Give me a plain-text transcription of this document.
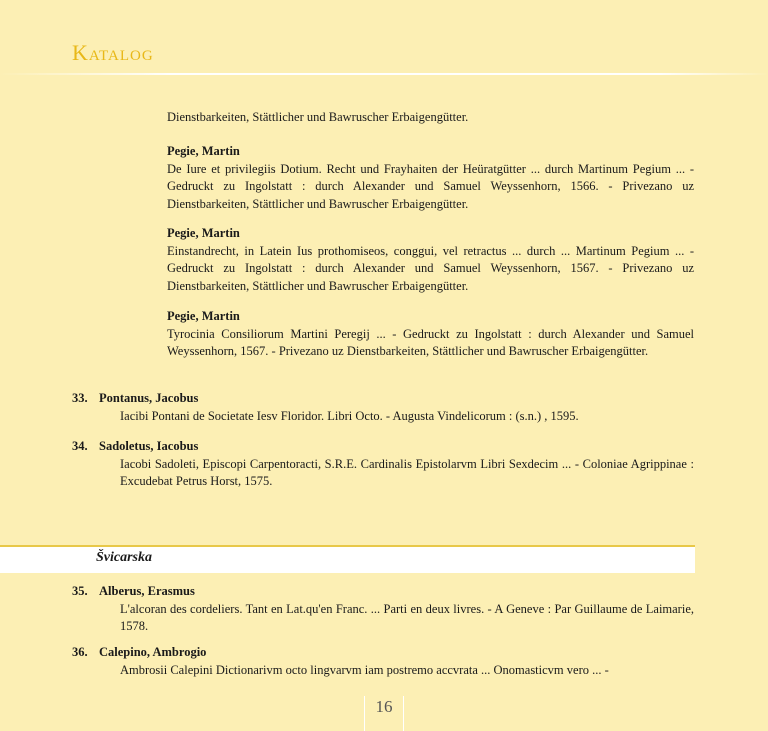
Katalog
Dienstbarkeiten, Stättlicher und Bawruscher Erbaigengütter.
Pegie, Martin
De Iure et privilegiis Dotium. Recht und Frayhaiten der Heüratgütter ... durch Martinum Pegium ... - Gedruckt zu Ingolstatt : durch Alexander und Samuel Weyssenhorn, 1566. - Privezano uz Dienstbarkeiten, Stättlicher und Bawruscher Erbaigengütter.
Pegie, Martin
Einstandrecht, in Latein Ius prothomiseos, conggui, vel retractus ... durch ... Martinum Pegium ... - Gedruckt zu Ingolstatt : durch Alexander und Samuel Weyssenhorn, 1567. - Privezano uz Dienstbarkeiten, Stättlicher und Bawruscher Erbaigengütter.
Pegie, Martin
Tyrocinia Consiliorum Martini Peregij ... - Gedruckt zu Ingolstatt : durch Alexander und Samuel Weyssenhorn, 1567. - Privezano uz Dienstbarkeiten, Stättlicher und Bawruscher Erbaigengütter.
33. Pontanus, Jacobus
Iacibi Pontani de Societate Iesv Floridor. Libri Octo. - Augusta Vindelicorum : (s.n.) , 1595.
34. Sadoletus, Iacobus
Iacobi Sadoleti, Episcopi Carpentoracti, S.R.E. Cardinalis Epistolarvm Libri Sexdecim ... - Coloniae Agrippinae : Excudebat Petrus Horst, 1575.
Švicarska
35. Alberus, Erasmus
L'alcoran des cordeliers. Tant en Lat.qu'en Franc. ... Parti en deux livres. - A Geneve : Par Guillaume de Laimarie, 1578.
36. Calepino, Ambrogio
Ambrosii Calepini Dictionarivm octo lingvarvm iam postremo accvrata ... Onomasticvm vero ... -
16
